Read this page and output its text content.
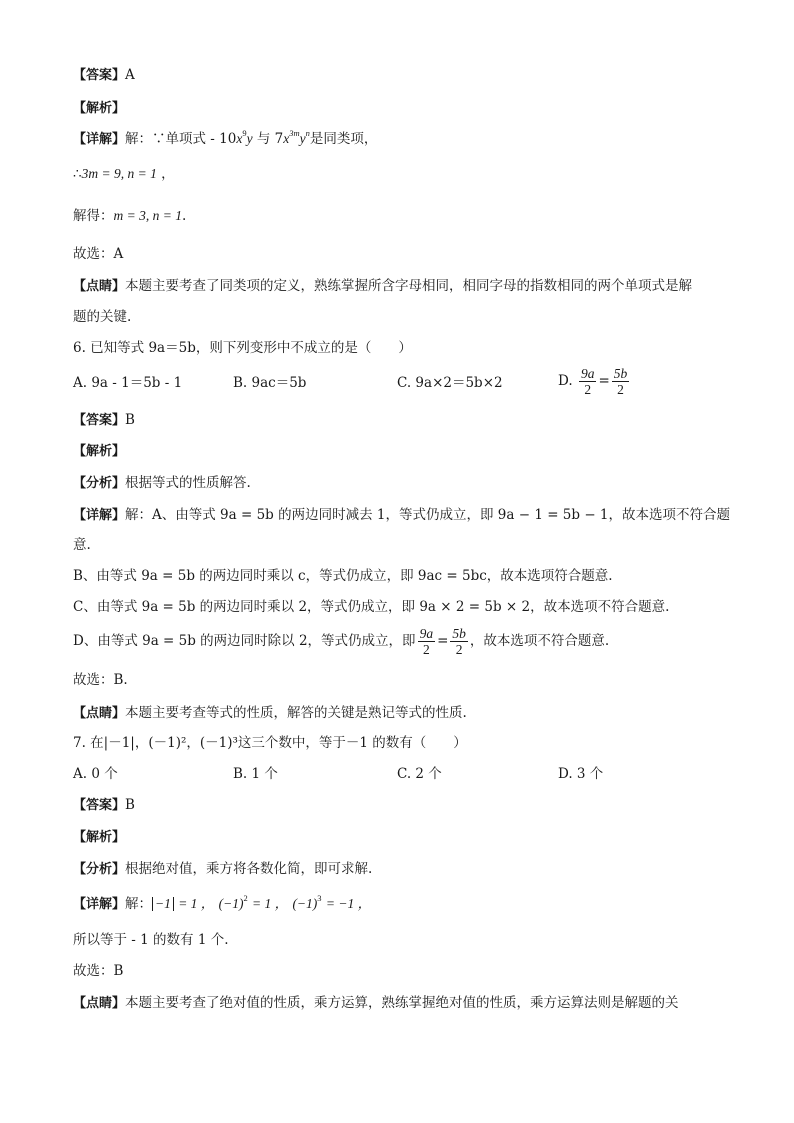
【答案】A
【解析】
【详解】解：∵单项式 - $10x^9y$ 与 $7x^{3m}y^n$是同类项，
∴3m = 9, n = 1 ，
解得：m = 3, n = 1.
故选：A
【点睛】本题主要考查了同类项的定义，熟练掌握所含字母相同，相同字母的指数相同的两个单项式是解
题的关键.
6. 已知等式 9a＝5b，则下列变形中不成立的是（　　）
A. 9a - 1＝5b - 1	B. 9ac＝5b	C. 9a×2＝5b×2	D. $\frac{9a}{2} = \frac{5b}{2}$
【答案】B
【解析】
【分析】根据等式的性质解答.
【详解】解：A、由等式 9a = 5b 的两边同时减去 1，等式仍成立，即 9a − 1 = 5b − 1，故本选项不符合题
意.
B、由等式 9a = 5b 的两边同时乘以 c，等式仍成立，即 9ac = 5bc，故本选项符合题意.
C、由等式 9a = 5b 的两边同时乘以 2，等式仍成立，即 9a × 2 = 5b × 2，故本选项不符合题意.
D、由等式 9a = 5b 的两边同时除以 2，等式仍成立，即 $\frac{9a}{2} = \frac{5b}{2}$ ，故本选项不符合题意.
故选：B.
【点睛】本题主要考查等式的性质，解答的关键是熟记等式的性质.
7. 在|－1|，(－1)²，(－1)³这三个数中，等于－1 的数有（　　）
A. 0 个	B. 1 个	C. 2 个	D. 3 个
【答案】B
【解析】
【分析】根据绝对值，乘方将各数化简，即可求解.
【详解】解： −1 = 1 ， $(-1)^2 = 1$ ， $(-1)^3 = -1$ ，
所以等于 - 1 的数有 1 个.
故选：B
【点睛】本题主要考查了绝对值的性质，乘方运算，熟练掌握绝对值的性质，乘方运算法则是解题的关
